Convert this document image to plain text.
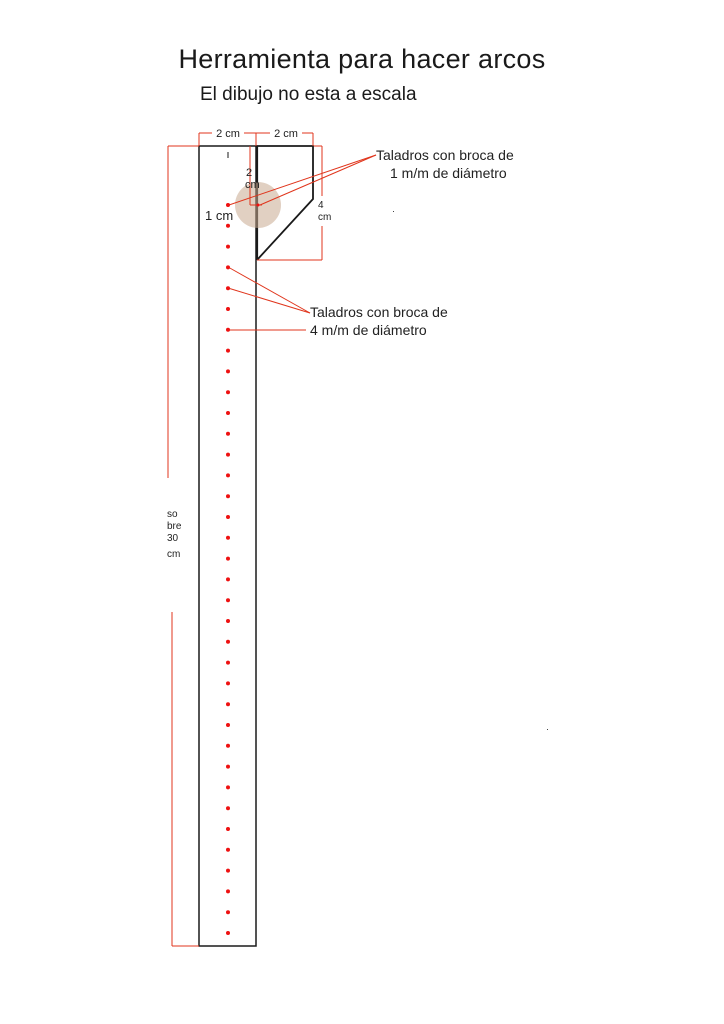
Herramienta para hacer arcos
El dibujo no esta a escala
2 cm	2 cm
2
cm
1 cm
4
cm
so
bre
30
cm
Taladros con broca de
1 m/m de diámetro
Taladros con broca de
4 m/m de diámetro
